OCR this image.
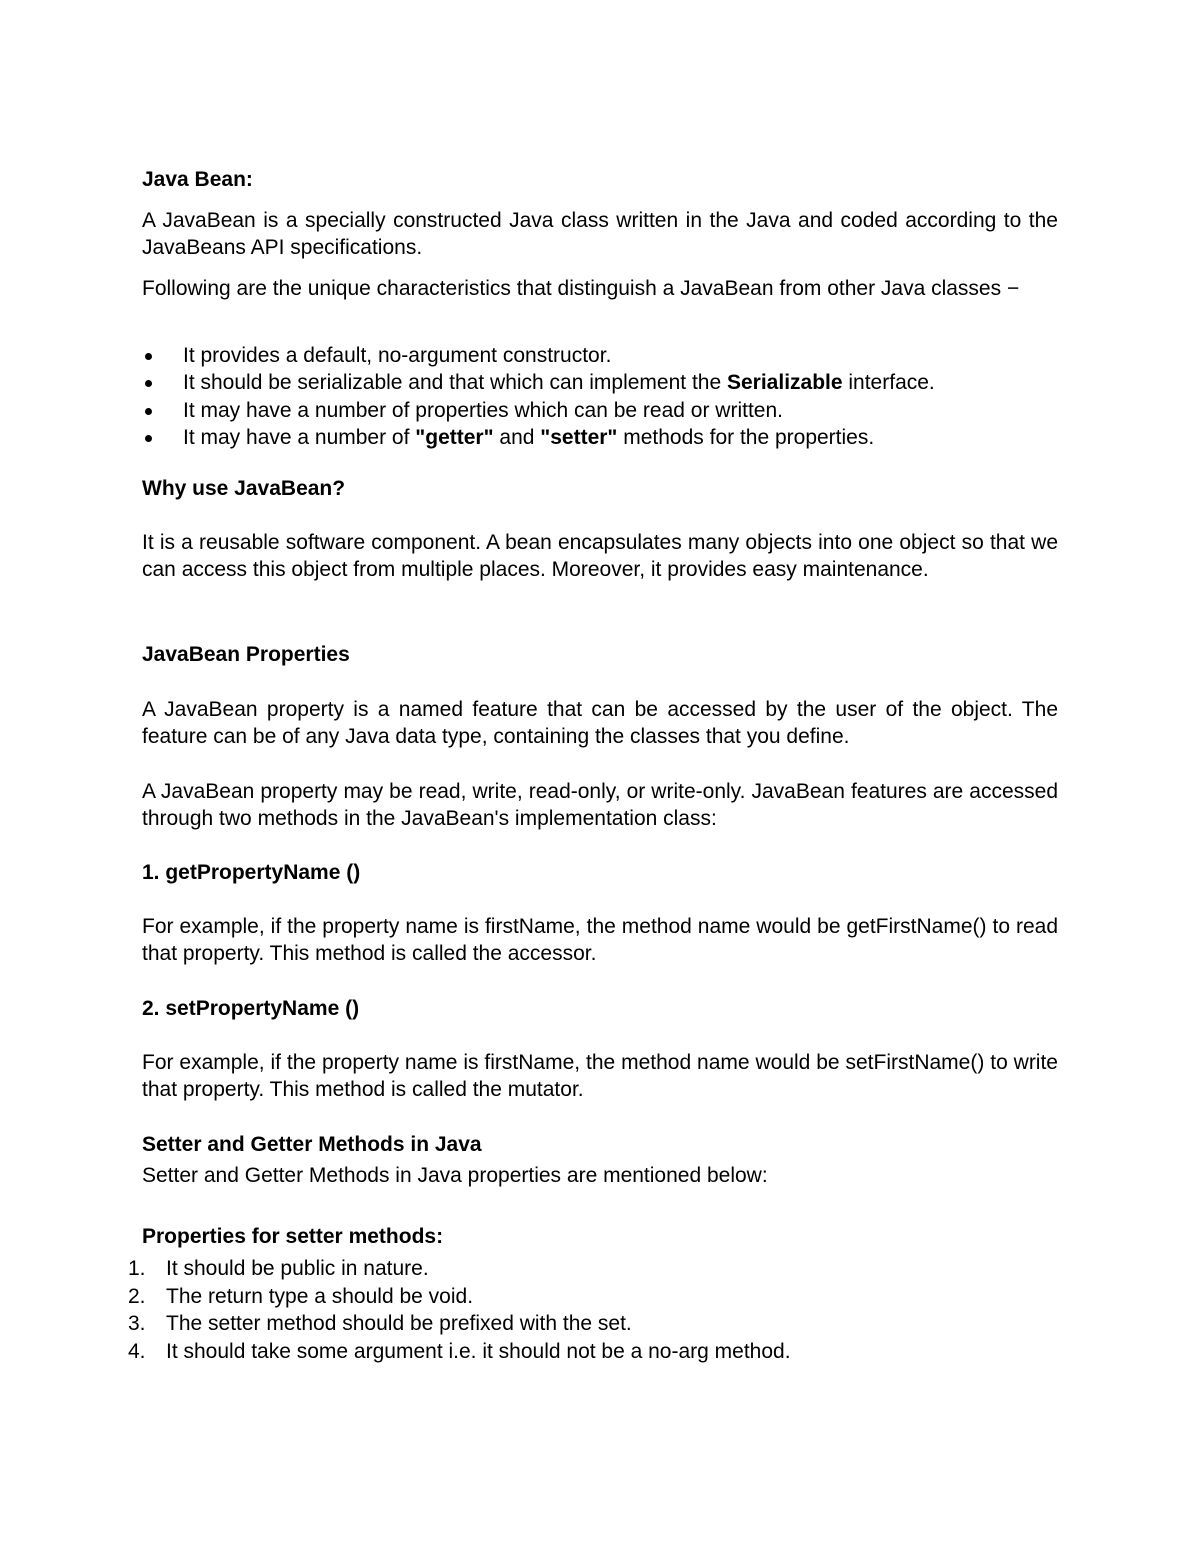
Java Bean:

A JavaBean is a specially constructed Java class written in the Java and coded according to the JavaBeans API specifications.

Following are the unique characteristics that distinguish a JavaBean from other Java classes −

It provides a default, no-argument constructor.
It should be serializable and that which can implement the Serializable interface.
It may have a number of properties which can be read or written.
It may have a number of "getter" and "setter" methods for the properties.

Why use JavaBean?

It is a reusable software component. A bean encapsulates many objects into one object so that we can access this object from multiple places. Moreover, it provides easy maintenance.

JavaBean Properties

A JavaBean property is a named feature that can be accessed by the user of the object. The feature can be of any Java data type, containing the classes that you define.

A JavaBean property may be read, write, read-only, or write-only. JavaBean features are accessed through two methods in the JavaBean's implementation class:

1. getPropertyName ()

For example, if the property name is firstName, the method name would be getFirstName() to read that property. This method is called the accessor.

2. setPropertyName ()

For example, if the property name is firstName, the method name would be setFirstName() to write that property. This method is called the mutator.

Setter and Getter Methods in Java

Setter and Getter Methods in Java properties are mentioned below:

Properties for setter methods:

1. It should be public in nature.
2. The return type a should be void.
3. The setter method should be prefixed with the set.
4. It should take some argument i.e. it should not be a no-arg method.
